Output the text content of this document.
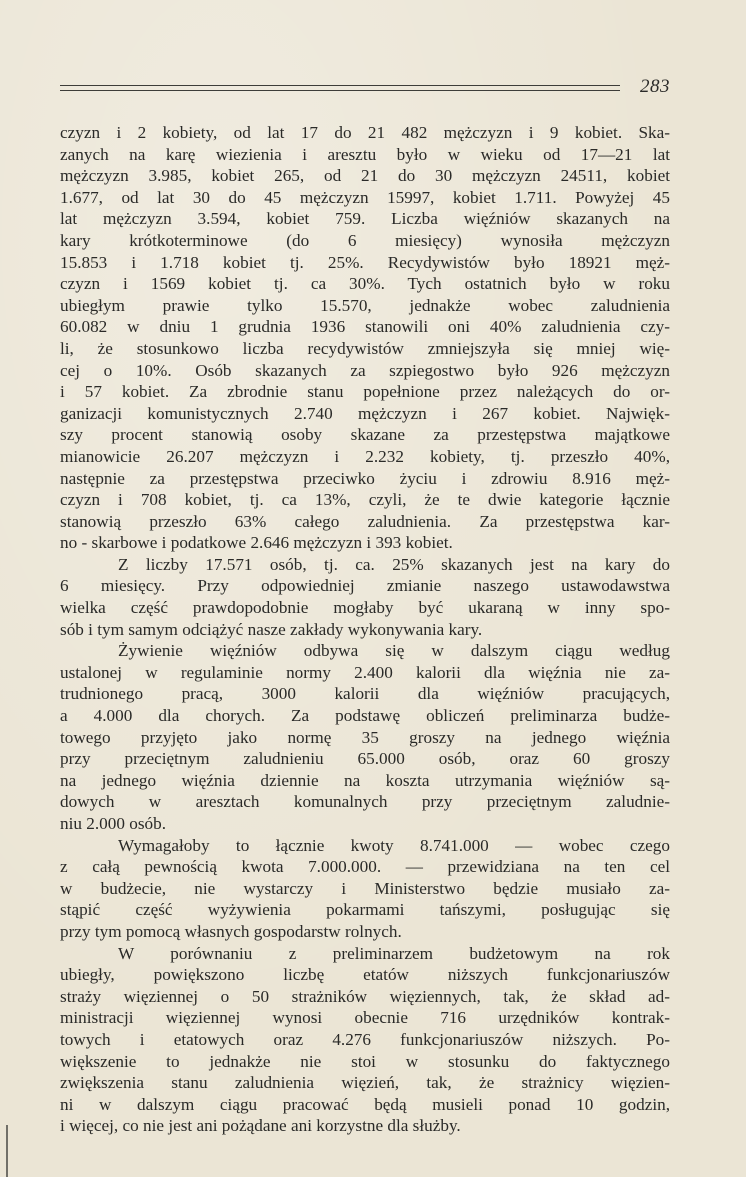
283
czyzn i 2 kobiety, od lat 17 do 21 482 mężczyzn i 9 kobiet. Ska-
zanych na karę wiezienia i aresztu było w wieku od 17—21 lat
mężczyzn 3.985, kobiet 265, od 21 do 30 mężczyzn 24511, kobiet
1.677, od lat 30 do 45 mężczyzn 15997, kobiet 1.711. Powyżej 45
lat mężczyzn 3.594, kobiet 759. Liczba więźniów skazanych na
kary krótkoterminowe (do 6 miesięcy) wynosiła mężczyzn
15.853 i 1.718 kobiet tj. 25%. Recydywistów było 18921 męż-
czyzn i 1569 kobiet tj. ca 30%. Tych ostatnich było w roku
ubiegłym prawie tylko 15.570, jednakże wobec zaludnienia
60.082 w dniu 1 grudnia 1936 stanowili oni 40% zaludnienia czy-
li, że stosunkowo liczba recydywistów zmniejszyła się mniej wię-
cej o 10%. Osób skazanych za szpiegostwo było 926 mężczyzn
i 57 kobiet. Za zbrodnie stanu popełnione przez należących do or-
ganizacji komunistycznych 2.740 mężczyzn i 267 kobiet. Najwięk-
szy procent stanowią osoby skazane za przestępstwa majątkowe
mianowicie 26.207 mężczyzn i 2.232 kobiety, tj. przeszło 40%,
następnie za przestępstwa przeciwko życiu i zdrowiu 8.916 męż-
czyzn i 708 kobiet, tj. ca 13%, czyli, że te dwie kategorie łącznie
stanowią przeszło 63% całego zaludnienia. Za przestępstwa kar-
no - skarbowe i podatkowe 2.646 mężczyzn i 393 kobiet.
Z liczby 17.571 osób, tj. ca. 25% skazanych jest na kary do
6 miesięcy. Przy odpowiedniej zmianie naszego ustawodawstwa
wielka część prawdopodobnie mogłaby być ukaraną w inny spo-
sób i tym samym odciążyć nasze zakłady wykonywania kary.
Żywienie więźniów odbywa się w dalszym ciągu według
ustalonej w regulaminie normy 2.400 kalorii dla więźnia nie za-
trudnionego pracą, 3000 kalorii dla więźniów pracujących,
a 4.000 dla chorych. Za podstawę obliczeń preliminarza budże-
towego przyjęto jako normę 35 groszy na jednego więźnia
przy przeciętnym zaludnieniu 65.000 osób, oraz 60 groszy
na jednego więźnia dziennie na koszta utrzymania więźniów są-
dowych w aresztach komunalnych przy przeciętnym zaludnie-
niu 2.000 osób.
Wymagałoby to łącznie kwoty 8.741.000 — wobec czego
z całą pewnością kwota 7.000.000. — przewidziana na ten cel
w budżecie, nie wystarczy i Ministerstwo będzie musiało za-
stąpić część wyżywienia pokarmami tańszymi, posługując się
przy tym pomocą własnych gospodarstw rolnych.
W porównaniu z preliminarzem budżetowym na rok
ubiegły, powiększono liczbę etatów niższych funkcjonariuszów
straży więziennej o 50 strażników więziennych, tak, że skład ad-
ministracji więziennej wynosi obecnie 716 urzędników kontrak-
towych i etatowych oraz 4.276 funkcjonariuszów niższych. Po-
większenie to jednakże nie stoi w stosunku do faktycznego
zwiększenia stanu zaludnienia więzień, tak, że strażnicy więzien-
ni w dalszym ciągu pracować będą musieli ponad 10 godzin,
i więcej, co nie jest ani pożądane ani korzystne dla służby.
